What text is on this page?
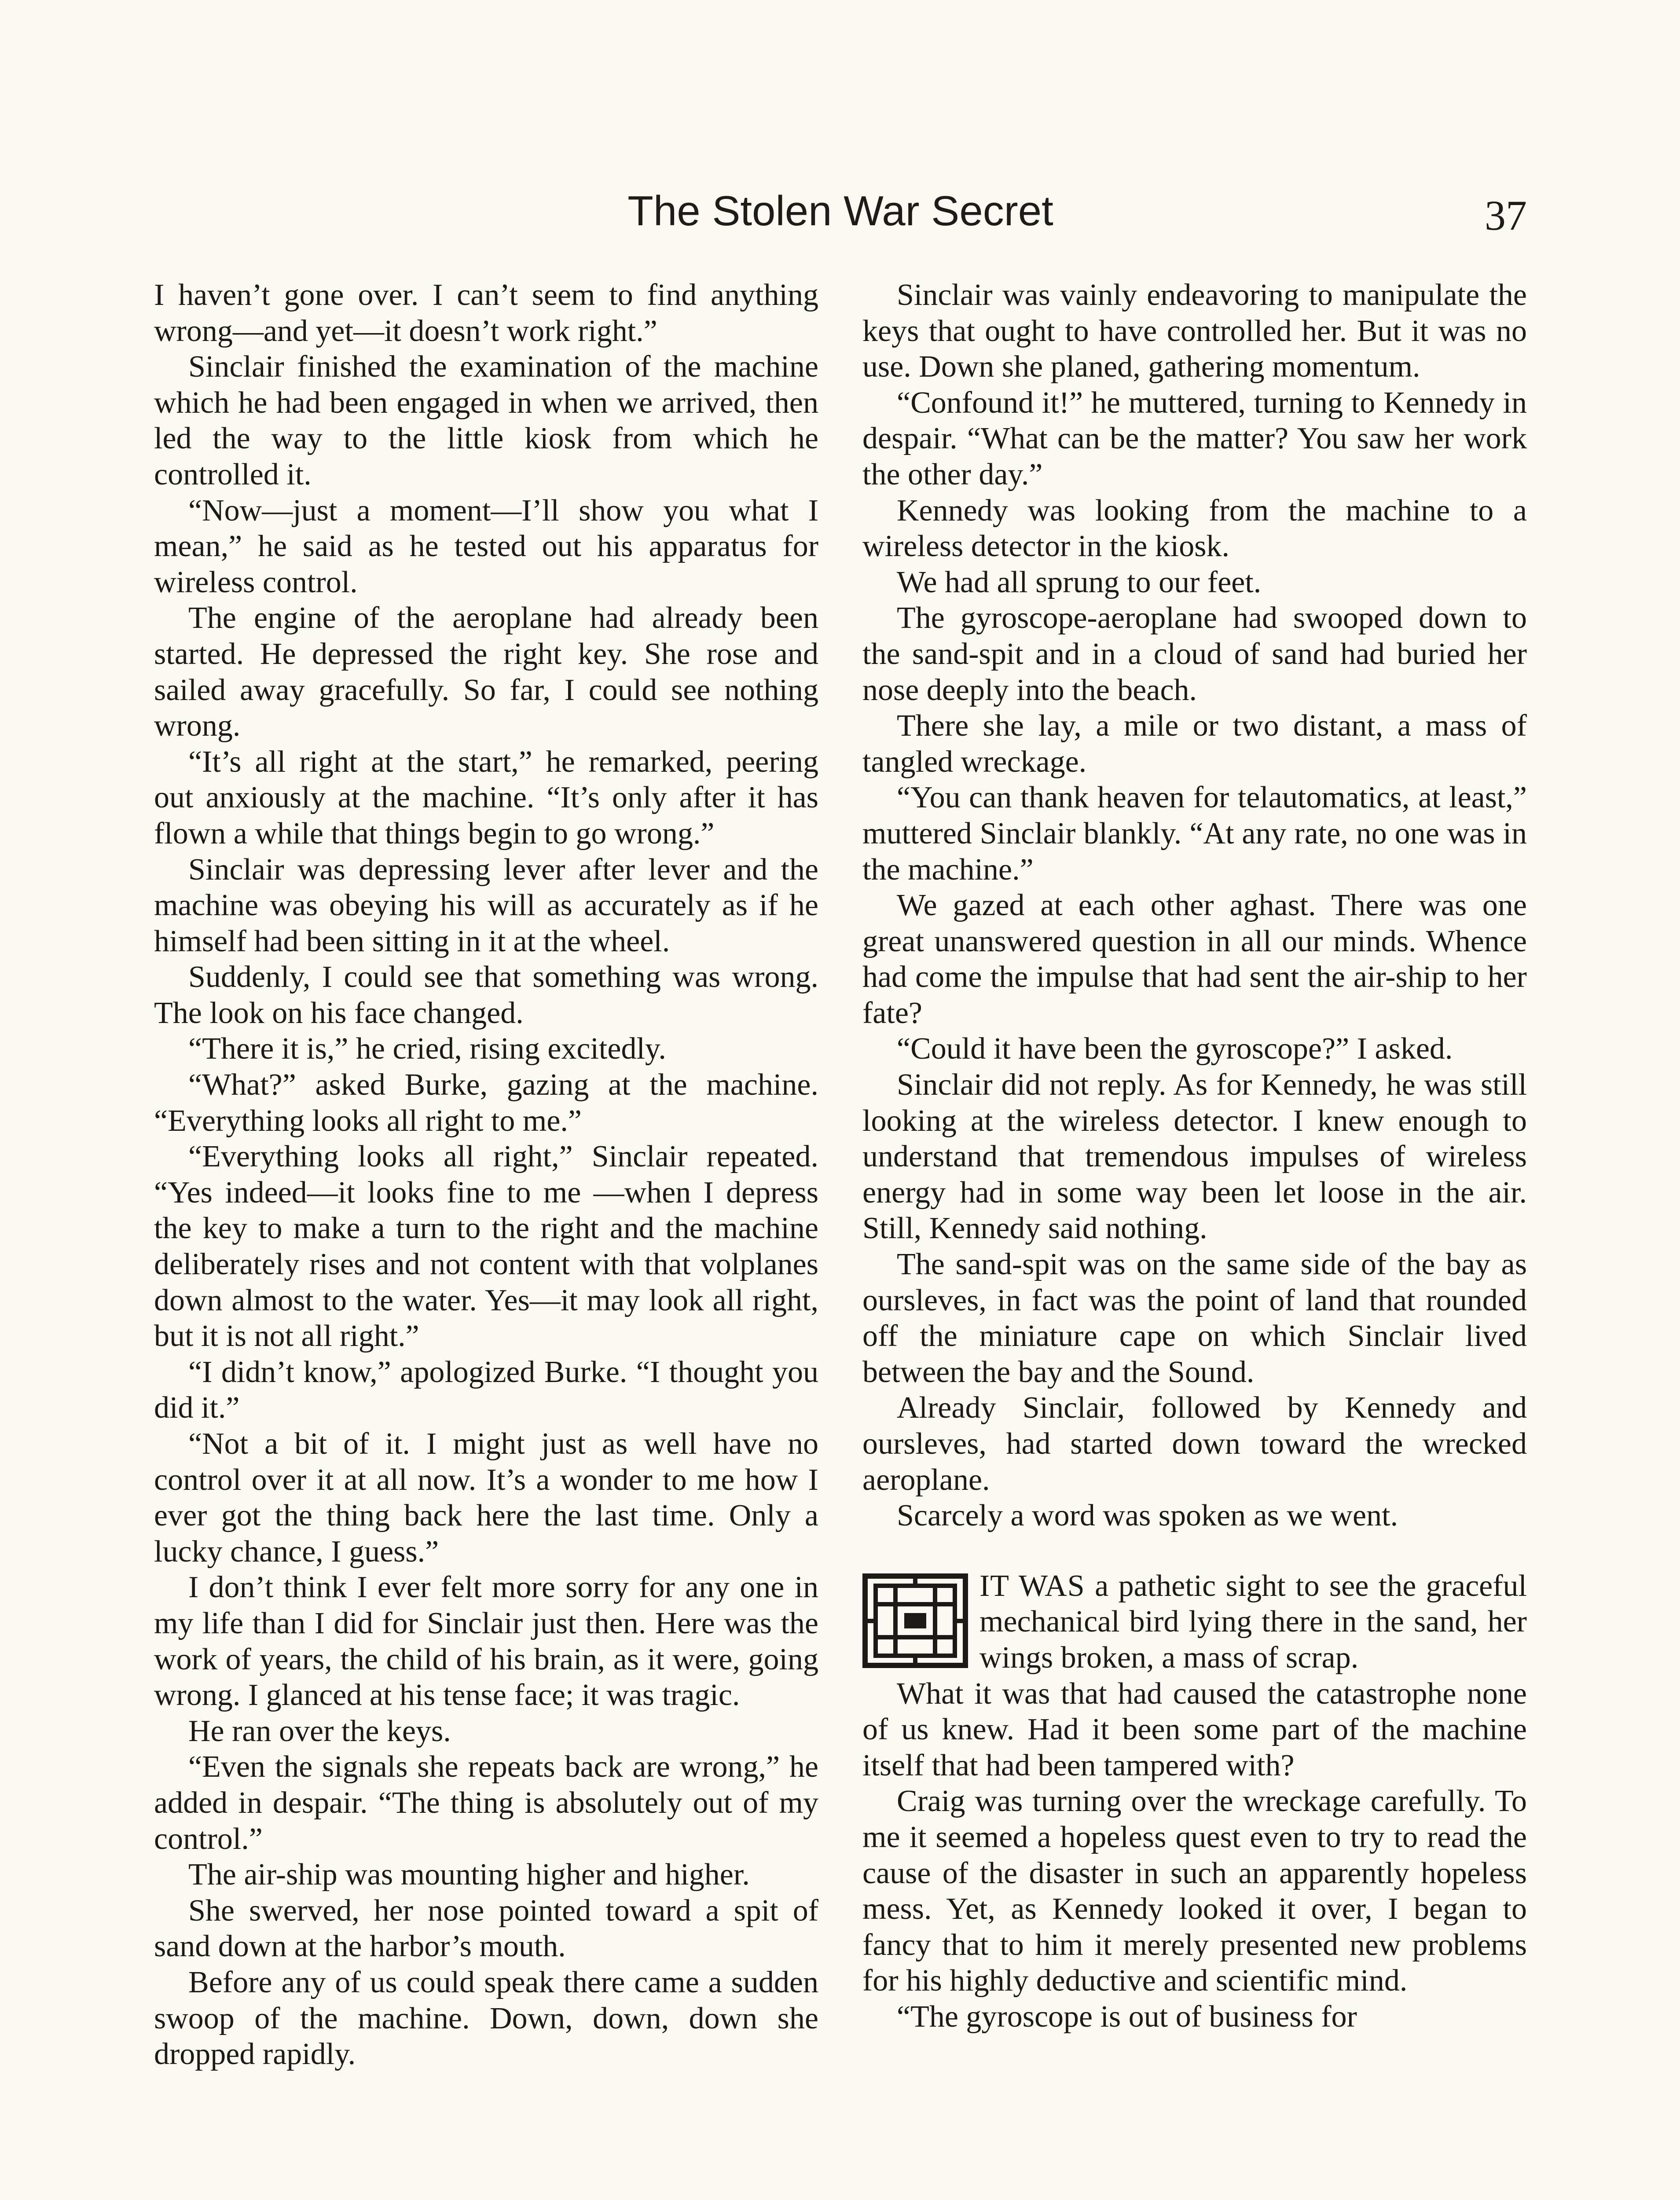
The Stolen War Secret	37

I haven’t gone over. I can’t seem to find anything wrong—and yet—it doesn’t work right.”

Sinclair finished the examination of the machine which he had been engaged in when we arrived, then led the way to the little kiosk from which he controlled it.

“Now—just a moment—I’ll show you what I mean,” he said as he tested out his apparatus for wireless control.

The engine of the aeroplane had already been started. He depressed the right key. She rose and sailed away gracefully. So far, I could see nothing wrong.

“It’s all right at the start,” he remarked, peering out anxiously at the machine. “It’s only after it has flown a while that things begin to go wrong.”

Sinclair was depressing lever after lever and the machine was obeying his will as accurately as if he himself had been sitting in it at the wheel.

Suddenly, I could see that something was wrong. The look on his face changed.

“There it is,” he cried, rising excitedly.

“What?” asked Burke, gazing at the machine. “Everything looks all right to me.”

“Everything looks all right,” Sinclair repeated. “Yes indeed—it looks fine to me —when I depress the key to make a turn to the right and the machine deliberately rises and not content with that volplanes down almost to the water. Yes—it may look all right, but it is not all right.”

“I didn’t know,” apologized Burke. “I thought you did it.”

“Not a bit of it. I might just as well have no control over it at all now. It’s a wonder to me how I ever got the thing back here the last time. Only a lucky chance, I guess.”

I don’t think I ever felt more sorry for any one in my life than I did for Sinclair just then. Here was the work of years, the child of his brain, as it were, going wrong. I glanced at his tense face; it was tragic.

He ran over the keys.

“Even the signals she repeats back are wrong,” he added in despair. “The thing is absolutely out of my control.”

The air-ship was mounting higher and higher.

She swerved, her nose pointed toward a spit of sand down at the harbor’s mouth.

Before any of us could speak there came a sudden swoop of the machine. Down, down, down she dropped rapidly.

Sinclair was vainly endeavoring to manipulate the keys that ought to have controlled her. But it was no use. Down she planed, gathering momentum.

“Confound it!” he muttered, turning to Kennedy in despair. “What can be the matter? You saw her work the other day.”

Kennedy was looking from the machine to a wireless detector in the kiosk.

We had all sprung to our feet.

The gyroscope-aeroplane had swooped down to the sand-spit and in a cloud of sand had buried her nose deeply into the beach.

There she lay, a mile or two distant, a mass of tangled wreckage.

“You can thank heaven for telautomatics, at least,” muttered Sinclair blankly. “At any rate, no one was in the machine.”

We gazed at each other aghast. There was one great unanswered question in all our minds. Whence had come the impulse that had sent the air-ship to her fate?

“Could it have been the gyroscope?” I asked.

Sinclair did not reply. As for Kennedy, he was still looking at the wireless detector. I knew enough to understand that tremendous impulses of wireless energy had in some way been let loose in the air. Still, Kennedy said nothing.

The sand-spit was on the same side of the bay as oursleves, in fact was the point of land that rounded off the miniature cape on which Sinclair lived between the bay and the Sound.

Already Sinclair, followed by Kennedy and oursleves, had started down toward the wrecked aeroplane.

Scarcely a word was spoken as we went.

IT WAS a pathetic sight to see the graceful mechanical bird lying there in the sand, her wings broken, a mass of scrap.

What it was that had caused the catastrophe none of us knew. Had it been some part of the machine itself that had been tampered with?

Craig was turning over the wreckage carefully. To me it seemed a hopeless quest even to try to read the cause of the disaster in such an apparently hopeless mess. Yet, as Kennedy looked it over, I began to fancy that to him it merely presented new problems for his highly deductive and scientific mind.

“The gyroscope is out of business for
